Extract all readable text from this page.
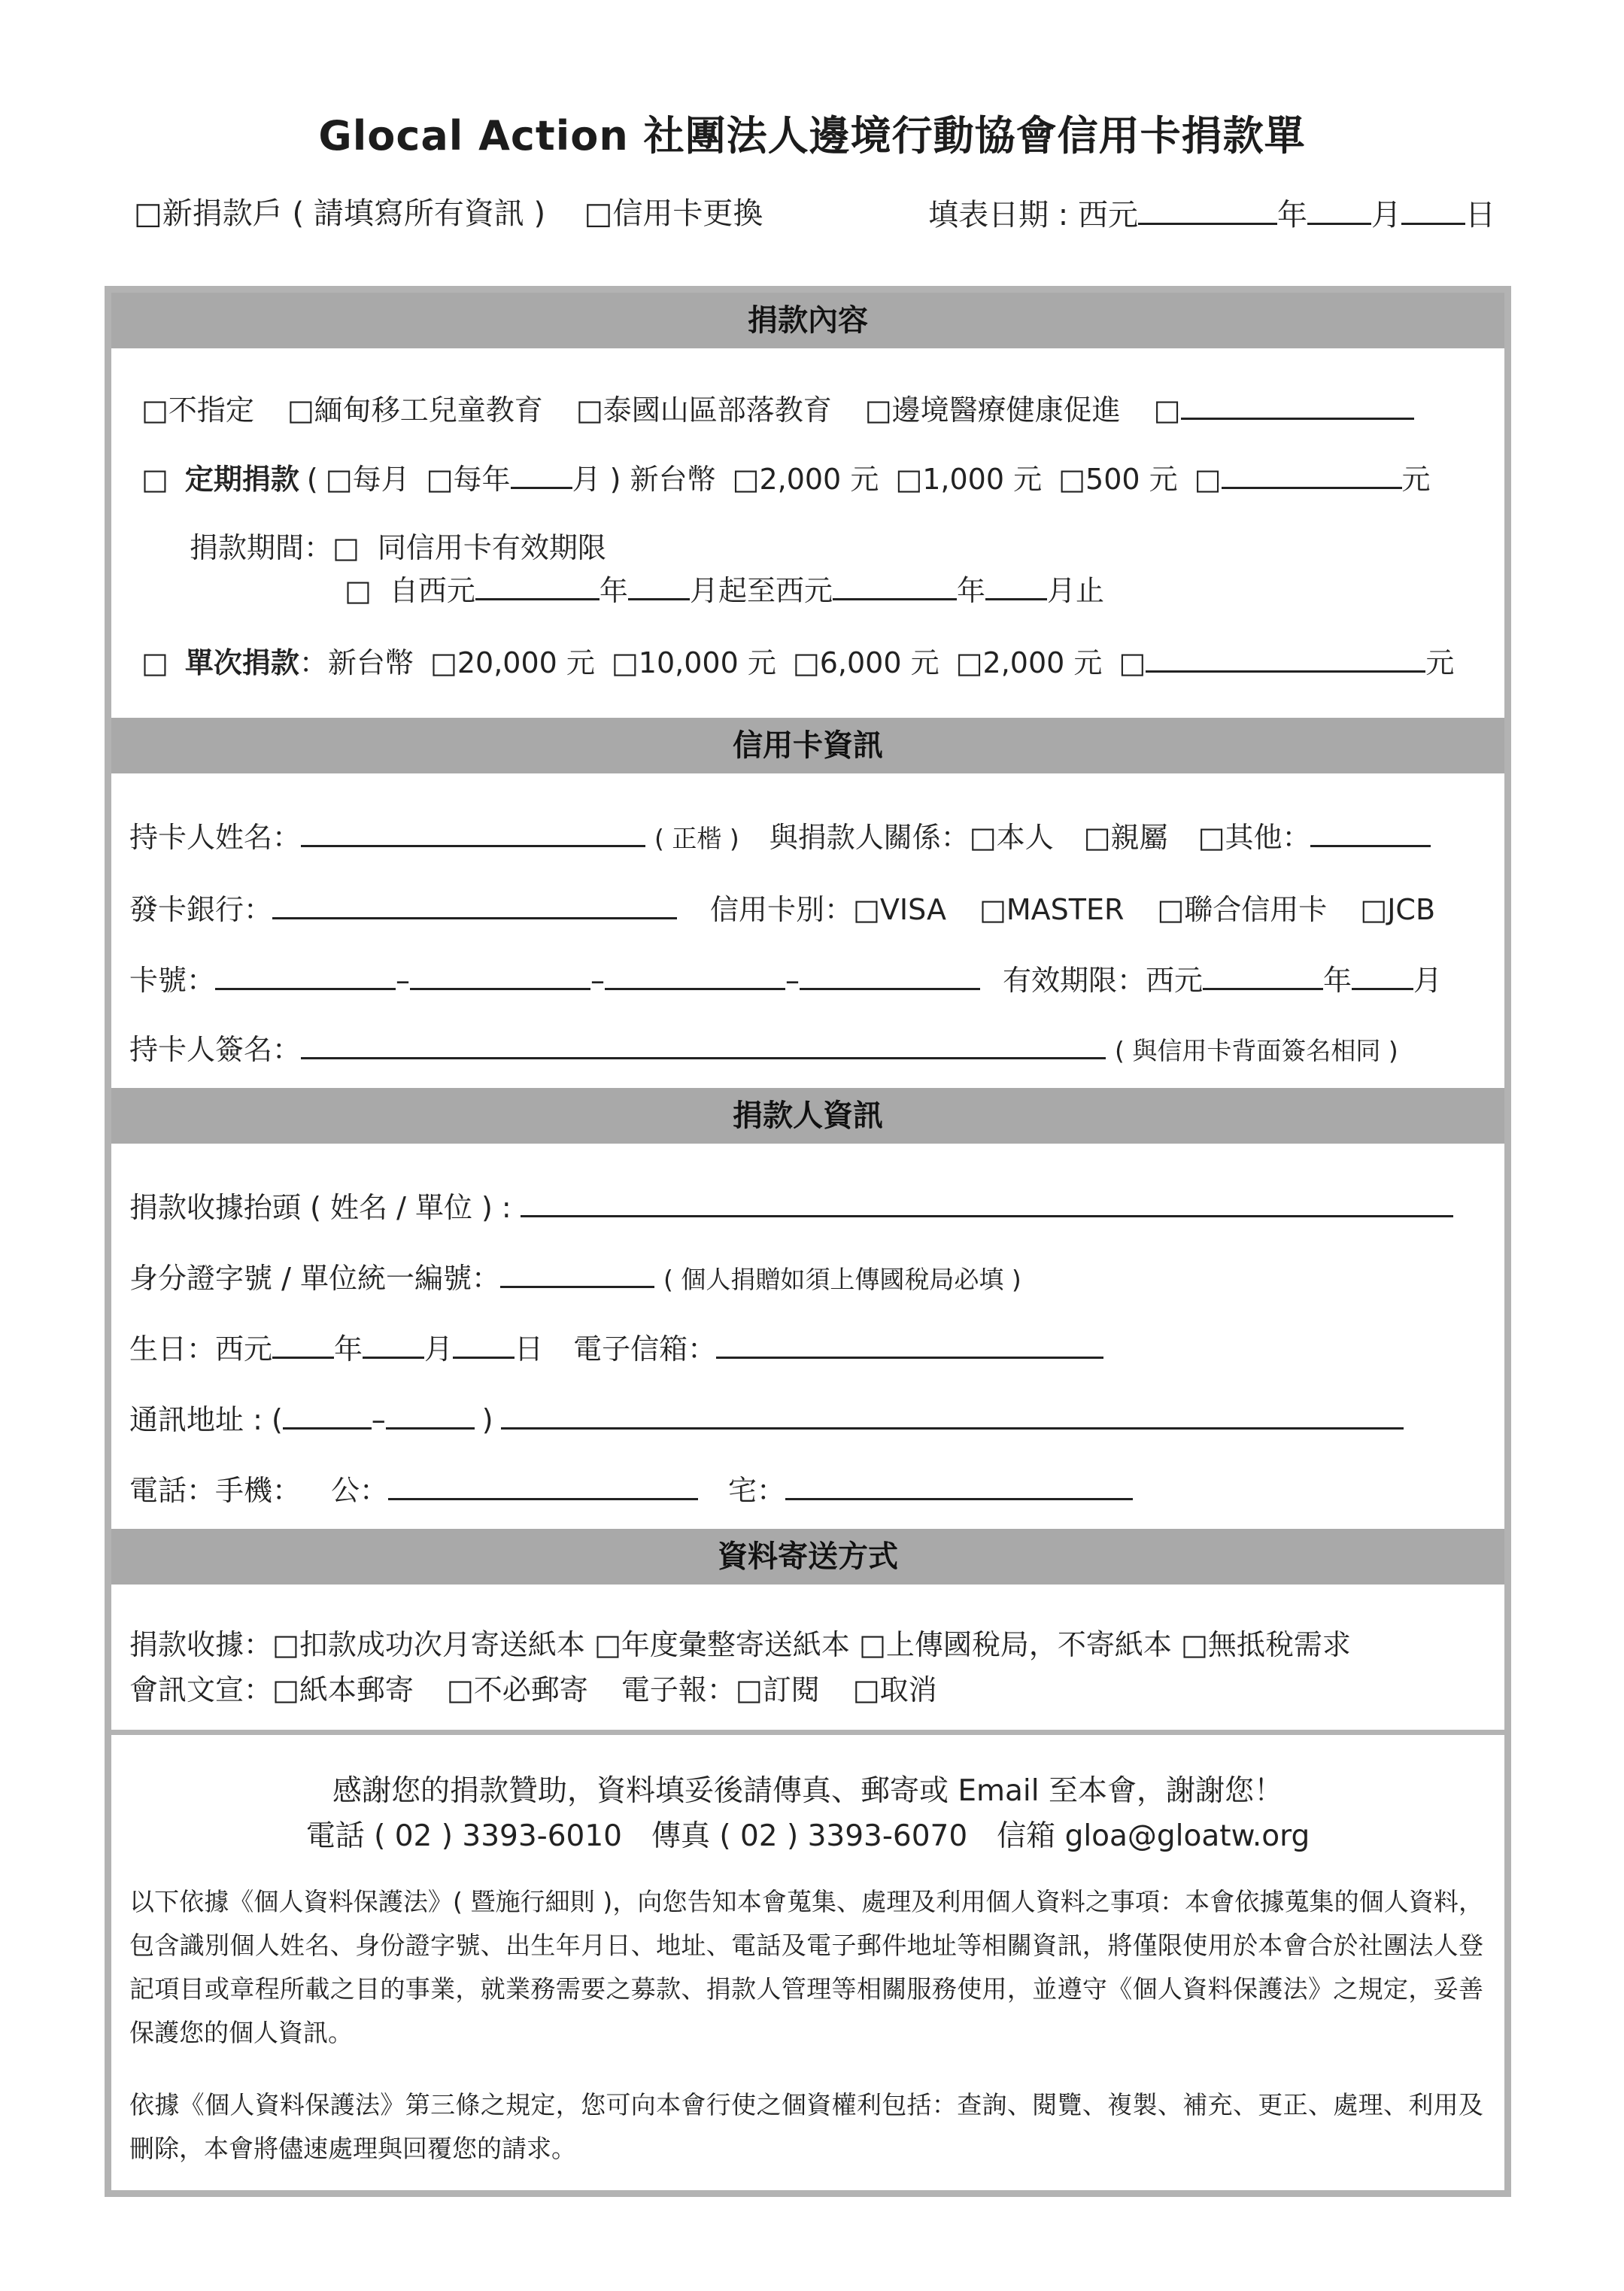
Glocal Action 社團法人邊境行動協會信用卡捐款單
□新捐款戶 ( 請填寫所有資訊 ) □信用卡更換	填表日期 : 西元	年 月 日
捐款內容
□不指定 □緬甸移工兒童教育 □泰國山區部落教育 □邊境醫療健康促進 □
□ 定期捐款 ( □每月 □每年 月 ) 新台幣 □2,000 元 □1,000 元 □500 元 □	元
捐款期間：□ 同信用卡有效期限
□ 自西元	年 月起至西元	年 月止
□ 單次捐款：新台幣 □20,000 元 □10,000 元 □6,000 元 □2,000 元 □	元
信用卡資訊
持卡人姓名：	( 正楷 ) 與捐款人關係：□本人 □親屬 □其他：
發卡銀行：	信用卡別：□VISA □MASTER □聯合信用卡 □JCB
卡號：	–	–	–	有效期限：西元	年 月
持卡人簽名：	( 與信用卡背面簽名相同 )
捐款人資訊
捐款收據抬頭 ( 姓名 / 單位 ) :
身分證字號 / 單位統一編號：	( 個人捐贈如須上傳國稅局必填 )
生日：西元 年 月 日 電子信箱：
通訊地址 : (	–	)
電話：手機： 公：	宅：
資料寄送方式
捐款收據：□扣款成功次月寄送紙本 □年度彙整寄送紙本 □上傳國稅局，不寄紙本 □無抵稅需求
會訊文宣：□紙本郵寄 □不必郵寄 電子報：□訂閱 □取消
感謝您的捐款贊助，資料填妥後請傳真、郵寄或 Email 至本會，謝謝您！
電話 ( 02 ) 3393-6010　傳真 ( 02 ) 3393-6070　信箱 gloa@gloatw.org
以下依據《個人資料保護法》( 暨施行細則 )，向您告知本會蒐集、處理及利用個人資料之事項：本會依據蒐集的個人資料，包含識別個人姓名、身份證字號、出生年月日、地址、電話及電子郵件地址等相關資訊，將僅限使用於本會合於社團法人登記項目或章程所載之目的事業，就業務需要之募款、捐款人管理等相關服務使用，並遵守《個人資料保護法》之規定，妥善保護您的個人資訊。
依據《個人資料保護法》第三條之規定，您可向本會行使之個資權利包括：查詢、閱覽、複製、補充、更正、處理、利用及刪除，本會將儘速處理與回覆您的請求。
